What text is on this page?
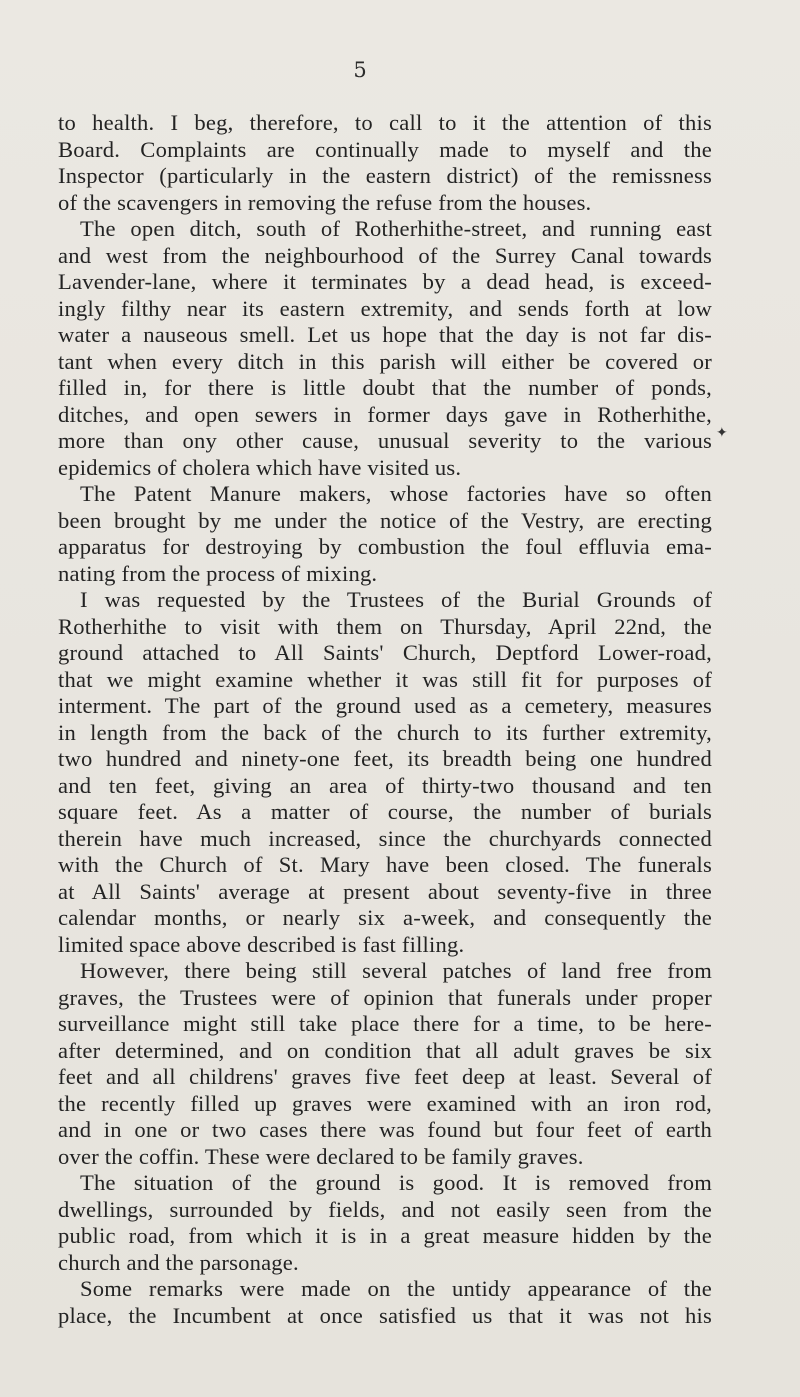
5
✦
to health. I beg, therefore, to call to it the attention of this
Board. Complaints are continually made to myself and the
Inspector (particularly in the eastern district) of the remissness
of the scavengers in removing the refuse from the houses.
The open ditch, south of Rotherhithe-street, and running east
and west from the neighbourhood of the Surrey Canal towards
Lavender-lane, where it terminates by a dead head, is exceed-
ingly filthy near its eastern extremity, and sends forth at low
water a nauseous smell. Let us hope that the day is not far dis-
tant when every ditch in this parish will either be covered or
filled in, for there is little doubt that the number of ponds,
ditches, and open sewers in former days gave in Rotherhithe,
more than ony other cause, unusual severity to the various
epidemics of cholera which have visited us.
The Patent Manure makers, whose factories have so often
been brought by me under the notice of the Vestry, are erecting
apparatus for destroying by combustion the foul effluvia ema-
nating from the process of mixing.
I was requested by the Trustees of the Burial Grounds of
Rotherhithe to visit with them on Thursday, April 22nd, the
ground attached to All Saints' Church, Deptford Lower-road,
that we might examine whether it was still fit for purposes of
interment. The part of the ground used as a cemetery, measures
in length from the back of the church to its further extremity,
two hundred and ninety-one feet, its breadth being one hundred
and ten feet, giving an area of thirty-two thousand and ten
square feet. As a matter of course, the number of burials
therein have much increased, since the churchyards connected
with the Church of St. Mary have been closed. The funerals
at All Saints' average at present about seventy-five in three
calendar months, or nearly six a-week, and consequently the
limited space above described is fast filling.
However, there being still several patches of land free from
graves, the Trustees were of opinion that funerals under proper
surveillance might still take place there for a time, to be here-
after determined, and on condition that all adult graves be six
feet and all childrens' graves five feet deep at least. Several of
the recently filled up graves were examined with an iron rod,
and in one or two cases there was found but four feet of earth
over the coffin. These were declared to be family graves.
The situation of the ground is good. It is removed from
dwellings, surrounded by fields, and not easily seen from the
public road, from which it is in a great measure hidden by the
church and the parsonage.
Some remarks were made on the untidy appearance of the
place, the Incumbent at once satisfied us that it was not his
